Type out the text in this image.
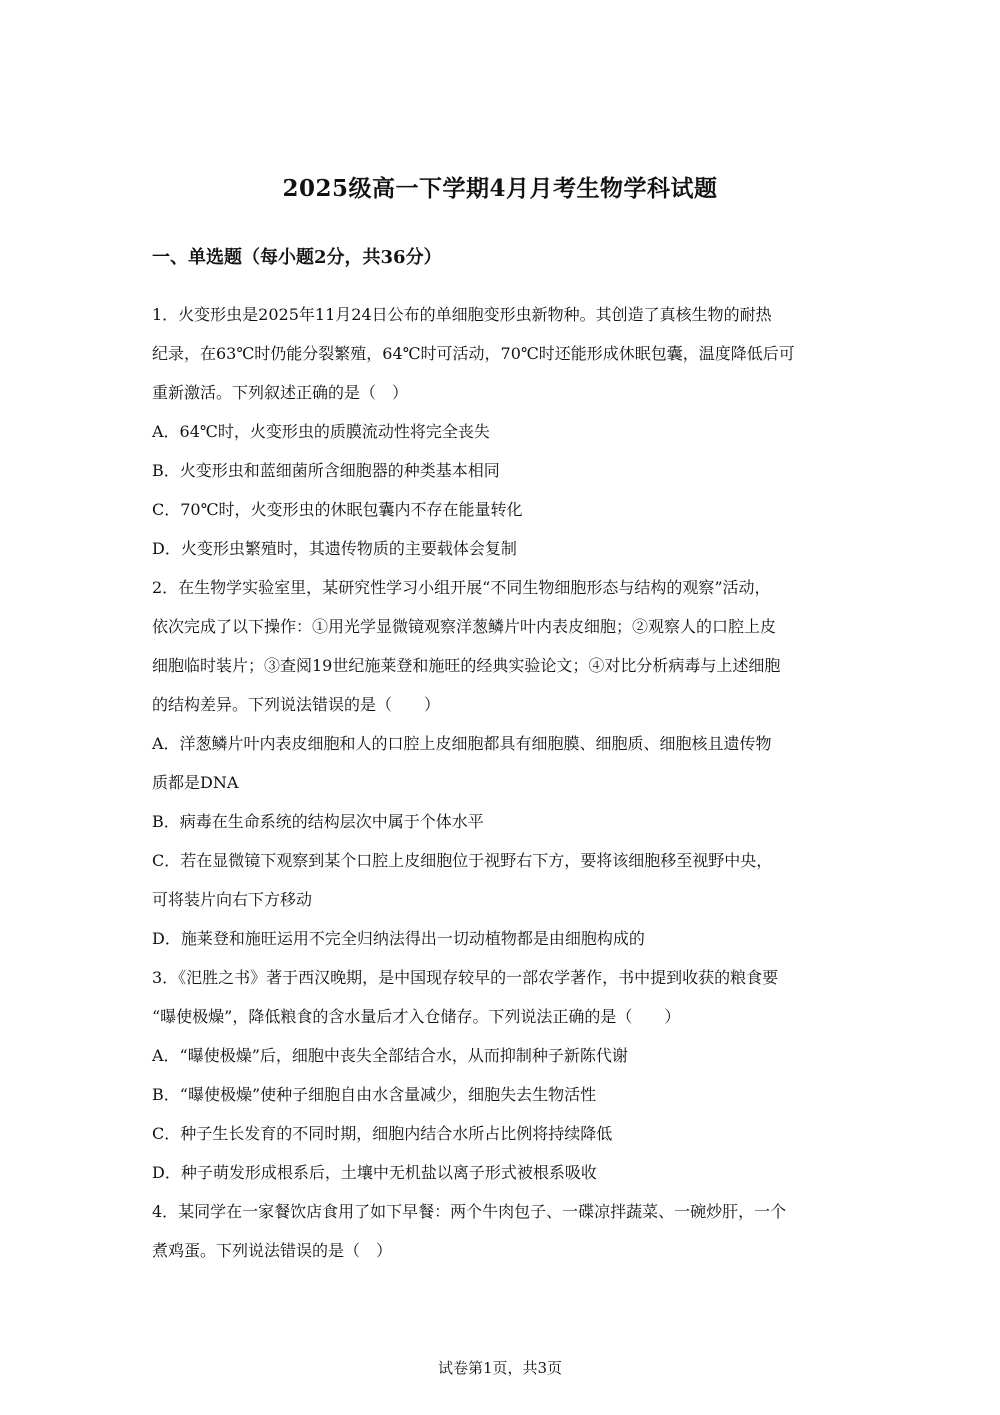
2025级高一下学期4月月考生物学科试题
一、单选题（每小题2分，共36分）
1．火变形虫是2025年11月24日公布的单细胞变形虫新物种。其创造了真核生物的耐热
纪录，在63℃时仍能分裂繁殖，64℃时可活动，70℃时还能形成休眠包囊，温度降低后可
重新激活。下列叙述正确的是（　）
A．64℃时，火变形虫的质膜流动性将完全丧失
B．火变形虫和蓝细菌所含细胞器的种类基本相同
C．70℃时，火变形虫的休眠包囊内不存在能量转化
D．火变形虫繁殖时，其遗传物质的主要载体会复制
2．在生物学实验室里，某研究性学习小组开展“不同生物细胞形态与结构的观察”活动，
依次完成了以下操作：①用光学显微镜观察洋葱鳞片叶内表皮细胞；②观察人的口腔上皮
细胞临时装片；③查阅19世纪施莱登和施旺的经典实验论文；④对比分析病毒与上述细胞
的结构差异。下列说法错误的是（　　）
A．洋葱鳞片叶内表皮细胞和人的口腔上皮细胞都具有细胞膜、细胞质、细胞核且遗传物
质都是DNA
B．病毒在生命系统的结构层次中属于个体水平
C．若在显微镜下观察到某个口腔上皮细胞位于视野右下方，要将该细胞移至视野中央，
可将装片向右下方移动
D．施莱登和施旺运用不完全归纳法得出一切动植物都是由细胞构成的
3．《汜胜之书》著于西汉晚期，是中国现存较早的一部农学著作，书中提到收获的粮食要
“曝使极燥”，降低粮食的含水量后才入仓储存。下列说法正确的是（　　）
A．“曝使极燥”后，细胞中丧失全部结合水，从而抑制种子新陈代谢
B．“曝使极燥”使种子细胞自由水含量减少，细胞失去生物活性
C．种子生长发育的不同时期，细胞内结合水所占比例将持续降低
D．种子萌发形成根系后，土壤中无机盐以离子形式被根系吸收
4．某同学在一家餐饮店食用了如下早餐：两个牛肉包子、一碟凉拌蔬菜、一碗炒肝，一个
煮鸡蛋。下列说法错误的是（　）
试卷第1页，共3页
